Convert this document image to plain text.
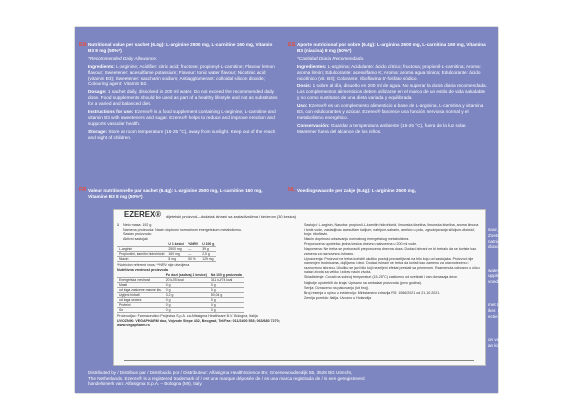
EN	ES
Nutritional value per sachet (6.4g): L-arginine 2500 mg, L-carnitine 160 mg, Vitamin B3 8 mg (50%*)
*Recommended Daily Allowance.
Ingredients: L-arginine; Acidifier: citric acid; fructose; propionyl-L-carnitine; Flavour lemon flavour; Sweetener: acesulfame potassium; Flavour: tonic water flavour; Nicotinic acid (vitamin B3); Sweetener: saccharin sodium; Antiagglomerant: colloidal silicon dioxide; Colouring agent: Vitamin B2.
Dosage: 1 sachet daily, dissolved in 200 ml water. Do not exceed the recommended daily dose. Food supplements should be used as part of a healthy lifestyle and not as substitutes for a varied and balanced diet.
Instructions for use: Ezerex® is a food supplement containing L-arginine, L-carnitine and vitamin B3 with sweeteners and sugar. Ezerex® helps to reduce and improve erection and supports vascular health.
Storage: Store at room temperature (15-25 °C), away from sunlight. Keep out of the reach and sight of children.
Aporte nutricional por sobre (6.4g): L-arginina 2500 mg, L-carnitina 160 mg, Vitamina B3 (niacina) 8 mg (50%*)
*Cantidad Diaria Recomendada.
Ingredientes: L-arginina; Acidulante: ácido cítrico; fructosa; propionil-L-carnitina; Aroma: aroma limón; Edulcorante: acesulfamo K; Aroma: aroma agua tónica; Edulcorante: ácido nicotínico (vit. B3); Colorante: riboflavina 5'-fosfato sódico.
Dosis: 1 sobre al día, disuelto en 200 ml de agua. No superar la dosis diaria recomendada. Los complementos alimenticios deben utilizarse en el marco de un estilo de vida saludable y no como sustitutos de una dieta variada y equilibrada.
Uso: Ezerex® es un complemento alimenticio a base de L-arginina, L-carnitina y vitamina B3, con edulcorantes y azúcar. Ezerex® favorece una función nerviosa normal y el metabolismo energético.
Conservación: Guardar a temperatura ambiente (15-25 °C), fuera de la luz solar. Mantener fuera del alcance de los niños.
FR Valeur nutritionnelle par sachet (6.4g): L-arginine 2500 mg, L-carnitine 160 mg, Vitamine B3 8 mg (50%*)
NL Voedingswaarde per zakje (6.4g): L-arginine 2500 mg,
saur, fructose;
Zoetstof:
natrium
dioxide;

water,
upplementen
voeding en

met L-Arginine,
iker. Ezerex®
ectie en

on van
an kinderen.
EZEREX® dijetetski proizvod—dodatak ishrani sa zasladivačima i šećerom (30 kesica)
1	Neto masa: 192 g
Namena proizvoda: Nacin dopinosi normalnom energetskom metabolizmu.
Sastav proizvoda:
Aktivni sastojak
	U 1 kesici	%NRV	U 100 g
L-arginin	2500 mg	—	39 g
Propionilni, karnitin hidrohlorid	160 mg	—	2,5 g
Niacin	8 mg	50 %	125 mg
*Nutricion referent vnos; **NRV nije utvrdjena
Nutritivna vrednost proizvoda
	Po dozi (sadrzaj 1 kesice)	Na 100 g proizvoda
Energetska vrednost	20 kJ/5 kcal	311 kJ/74 kcal
Masti	0 g	0 g
od toga zasicene masne kis.	0 g	0 g
Ugljeni hidrati	3,2 g	50,04 g
od toga secera	0 g	0 g
Proteini	0 g	0 g
So	0 g	0 g
Proizvodjac: Farmaceutico Projecisa S.p.A. za Alfasigma Healthcare B.V. Bologna, Italija
UVOZNIK: VEGAPHARM doo, Vojvode Stepe 432, Beograd, Tel/Fax: 011/2400 553; 063/680 7270; www.vegapharm.rs
Sastojci: L-arginin, Nasoba: propionil-L-karnitin hidrohlorid, limunska kiselina, limunska kiselina, aroma limuna i tonik vode, zasladjivac acesulfam kalijum, natrijum-saharin, anelcio u polu, zgrudnjavanja silicijum-dioksid; boja: riboflavin.
Niacin doprinosi odrzavanju normalnog energetskog metabolizma.
Preporucena upotreba: jedna kesica dnevno rastvorena u 200 ml vode.
Napomena: Ne treba se prekoraciti preporucena dnevna doza. Dodaci ishrani ne bi trebalo da se koriste kao zamena za raznovrsnu ishranu.
Upozorenja: Proizvod ne treba koristiti ukoliko postoji preosetljivost na bilo koju od sastojaka. Proizvod nije namenjen trudnicama, dojiljama i deci. Dodaci ishrani ne treba da koristi kao zamenu za uravnotezenu i raznovrsnu ishranu. Ukoliko se javi bilo koji nezeljeni efekat prestati sa primenom. Razmenuta odnosno u ulicu nalazi zivota sa veliko i zdrav nacin zivota.
Skladistenje: Cuvati na sobnoj temperaturi (15-25°C) zasticeno od svetlosti i van domasaja dece.
Najbolje upotrebiti do kraja: Upisano na ambalazi proizvoda (prvo godina).
Serija: Oznaceno na pakovanju (lot broj).
Broj resenja o upisu u evidenciju: Ministarstvo zdravlja RS: 1066/2021 od 21.10.2021.
Zemlja porekla: Italija. Uvozno u Holandija
Distributed by / Distribue par / Distribuido por / Distributeur: Alfasigma HealthScience BV, Groenewoudsedijk 55, 3528 BG Utrecht,
The Netherlands. Ezerex® is a registered trademark of / est une marque déposée de / es una marca registrada de / is een geregistreerd
handelsmerk van: Alfasigma S.p.A. – Bologna (MI), Italy.
